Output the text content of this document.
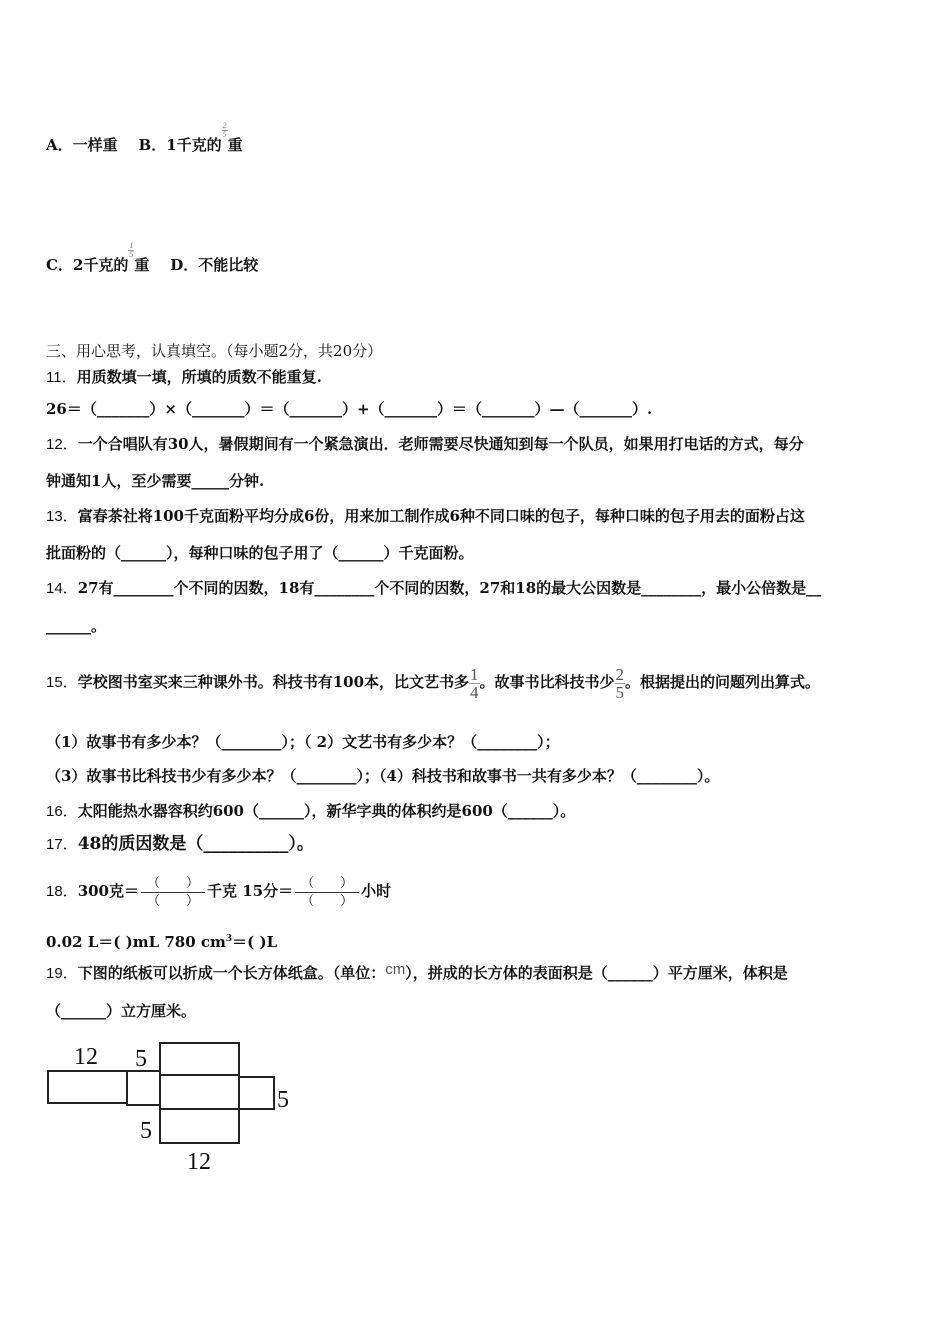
A．一样重 B．1千克的
$\frac{2}{5}$
重
C．2千克的
$\frac{1}{5}$
重 D．不能比较
三、用心思考，认真填空。（每小题2分，共20分）
11．用质数填一填，所填的质数不能重复.
26＝（_______）×（_______）＝（_______）+（_______）＝（_______）—（_______）.
12．一个合唱队有30人，暑假期间有一个紧急演出．老师需要尽快通知到每一个队员，如果用打电话的方式，每分
钟通知1人，至少需要_____分钟.
13．富春茶社将100千克面粉平均分成6份，用来加工制作成6种不同口味的包子，每种口味的包子用去的面粉占这
批面粉的（______），每种口味的包子用了（______）千克面粉。
14．27有________个不同的因数，18有________个不同的因数，27和18的最大公因数是________，最小公倍数是__
______。
15．学校图书室买来三种课外书。科技书有100本，比文艺书多 $\frac{1}{4}$ 。故事书比科技书少 $\frac{2}{5}$ 。根据提出的问题列出算式。
（1）故事书有多少本？（________）；（ 2）文艺书有多少本？（________）；
（3）故事书比科技书少有多少本？（________）；（4）科技书和故事书一共有多少本？（________）。
16．太阳能热水器容积约600（______），新华字典的体积约是600（______）。
17．48的质因数是（__________）。
18．300克＝ $\frac{( )}{( )}$ 千克 15分＝ $\frac{( )}{( )}$ 小时
0.02 L＝( )mL 780 $cm^3=$( )L
19．下图的纸板可以折成一个长方体纸盒。（单位：cm），拼成的长方体的表面积是（______）平方厘米，体积是
（______）立方厘米。
12 5
5
5
12
